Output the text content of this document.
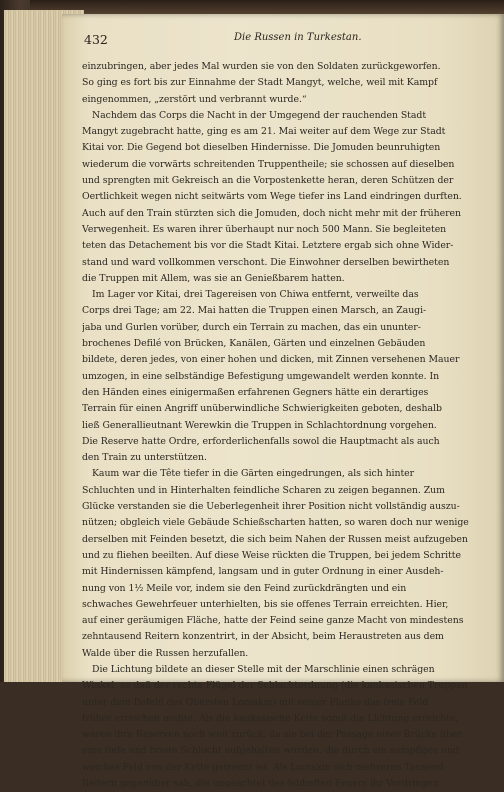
432	Die Russen in Turkestan.
einzubringen, aber jedes Mal wurden sie von den Soldaten zurückgeworfen.
So ging es fort bis zur Einnahme der Stadt Mangyt, welche, weil mit Kampf
eingenommen, „zerstört und verbrannt wurde.“
Nachdem das Corps die Nacht in der Umgegend der rauchenden Stadt
Mangyt zugebracht hatte, ging es am 21. Mai weiter auf dem Wege zur Stadt
Kitai vor. Die Gegend bot dieselben Hindernisse. Die Jomuden beunruhigten
wiederum die vorwärts schreitenden Truppentheile; sie schossen auf dieselben
und sprengten mit Gekreisch an die Vorpostenkette heran, deren Schützen der
Oertlichkeit wegen nicht seitwärts vom Wege tiefer ins Land eindringen durften.
Auch auf den Train stürzten sich die Jomuden, doch nicht mehr mit der früheren
Verwegenheit. Es waren ihrer überhaupt nur noch 500 Mann. Sie begleiteten
teten das Detachement bis vor die Stadt Kitai. Letztere ergab sich ohne Wider-
stand und ward vollkommen verschont. Die Einwohner derselben bewirtheten
die Truppen mit Allem, was sie an Genießbarem hatten.
Im Lager vor Kitai, drei Tagereisen von Chiwa entfernt, verweilte das
Corps drei Tage; am 22. Mai hatten die Truppen einen Marsch, an Zaugi-
jaba und Gurlen vorüber, durch ein Terrain zu machen, das ein ununter-
brochenes Defilé von Brücken, Kanälen, Gärten und einzelnen Gebäuden
bildete, deren jedes, von einer hohen und dicken, mit Zinnen versehenen Mauer
umzogen, in eine selbständige Befestigung umgewandelt werden konnte. In
den Händen eines einigermaßen erfahrenen Gegners hätte ein derartiges
Terrain für einen Angriff unüberwindliche Schwierigkeiten geboten, deshalb
ließ Generallieutnant Werewkin die Truppen in Schlachtordnung vorgehen.
Die Reserve hatte Ordre, erforderlichenfalls sowol die Hauptmacht als auch
den Train zu unterstützen.
Kaum war die Tête tiefer in die Gärten eingedrungen, als sich hinter
Schluchten und in Hinterhalten feindliche Scharen zu zeigen begannen. Zum
Glücke verstanden sie die Ueberlegenheit ihrer Position nicht vollständig auszu-
nützen; obgleich viele Gebäude Schießscharten hatten, so waren doch nur wenige
derselben mit Feinden besetzt, die sich beim Nahen der Russen meist aufzugeben
und zu fliehen beeilten. Auf diese Weise rückten die Truppen, bei jedem Schritte
mit Hindernissen kämpfend, langsam und in guter Ordnung in einer Ausdeh-
nung von 1½ Meile vor, indem sie den Feind zurückdrängten und ein
schwaches Gewehrfeuer unterhielten, bis sie offenes Terrain erreichten. Hier,
auf einer geräumigen Fläche, hatte der Feind seine ganze Macht von mindestens
zehntausend Reitern konzentrirt, in der Absicht, beim Heraustreten aus dem
Walde über die Russen herzufallen.
Die Lichtung bildete an dieser Stelle mit der Marschlinie einen schrägen
Winkel, so daß der rechte Flügel der Schlachtordnung (die kaukasischen Truppen
unter dem Befehl des Obersten Lomakin) mit seiner Flanke das freie Feld
früher erreichen mußte. Als die kaukasische Kette somit die Lichtung erreichte,
waren ihre Reserven noch weit zurück, da sie bei der Passage einer Brücke über
eine tiefe und breite Schlucht aufgehalten wurden, die durch ein sumpfiges und
weiches Feld von der Kette getrennt ist. Als Lomakin sich mehreren Tausend
Reitern gegenüber sah, die ungeachtet des lebhaften Feuers ihr Vordringen
